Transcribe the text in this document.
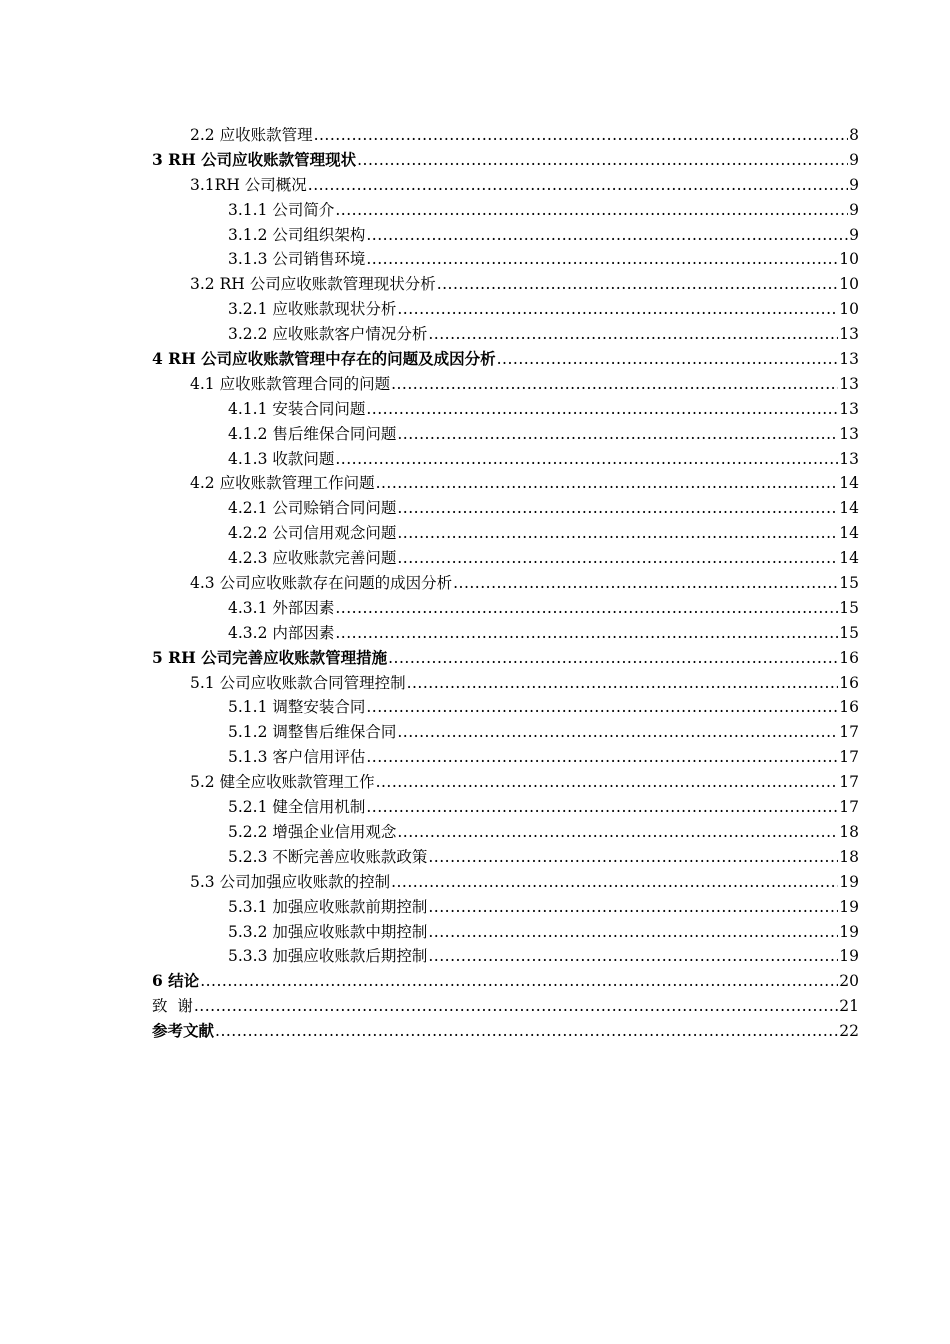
2.2 应收账款管理 .....	8
3 RH 公司应收账款管理现状 .....	9
3.1RH 公司概况 .....	9
3.1.1 公司简介 .....	9
3.1.2 公司组织架构 .....	9
3.1.3 公司销售环境 .....	10
3.2 RH 公司应收账款管理现状分析 .....	10
3.2.1 应收账款现状分析 .....	10
3.2.2 应收账款客户情况分析 .....	13
4 RH 公司应收账款管理中存在的问题及成因分析 .....	13
4.1 应收账款管理合同的问题 .....	13
4.1.1 安装合同问题 .....	13
4.1.2 售后维保合同问题 .....	13
4.1.3 收款问题 .....	13
4.2 应收账款管理工作问题 .....	14
4.2.1 公司赊销合同问题 .....	14
4.2.2 公司信用观念问题 .....	14
4.2.3 应收账款完善问题 .....	14
4.3 公司应收账款存在问题的成因分析 .....	15
4.3.1 外部因素 .....	15
4.3.2 内部因素 .....	15
5 RH 公司完善应收账款管理措施 .....	16
5.1 公司应收账款合同管理控制 .....	16
5.1.1 调整安装合同 .....	16
5.1.2 调整售后维保合同 .....	17
5.1.3 客户信用评估 .....	17
5.2 健全应收账款管理工作 .....	17
5.2.1 健全信用机制 .....	17
5.2.2 增强企业信用观念 .....	18
5.2.3 不断完善应收账款政策 .....	18
5.3 公司加强应收账款的控制 .....	19
5.3.1 加强应收账款前期控制 .....	19
5.3.2 加强应收账款中期控制 .....	19
5.3.3 加强应收账款后期控制 .....	19
6 结论 .....	20
致  谢 .....	21
参考文献 .....	22
